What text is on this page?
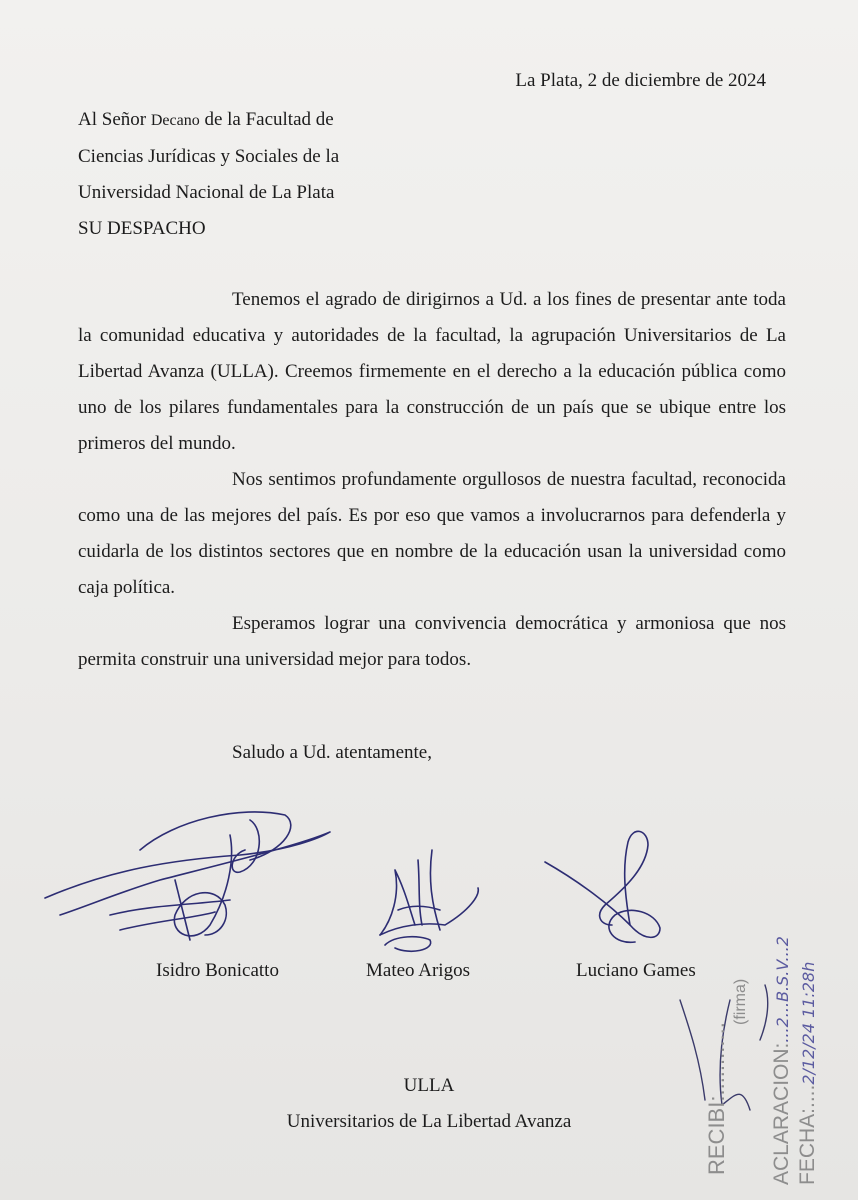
La Plata, 2 de diciembre de 2024
Al Señor Decano de la Facultad de
Ciencias Jurídicas y Sociales de la
Universidad Nacional de La Plata
SU DESPACHO

Tenemos el agrado de dirigirnos a Ud. a los fines de presentar ante toda la comunidad educativa y autoridades de la facultad, la agrupación Universitarios de La Libertad Avanza (ULLA). Creemos firmemente en el derecho a la educación pública como uno de los pilares fundamentales para la construcción de un país que se ubique entre los primeros del mundo.

Nos sentimos profundamente orgullosos de nuestra facultad, reconocida como una de las mejores del país. Es por eso que vamos a involucrarnos para defenderla y cuidarla de los distintos sectores que en nombre de la educación usan la universidad como caja política.

Esperamos lograr una convivencia democrática y armoniosa que nos permita construir una universidad mejor para todos.

Saludo a Ud. atentamente,
Isidro Bonicatto	Mateo Arigos	Luciano Games
ULLA
Universitarios de La Libertad Avanza	RECIBI:............
(firma)
ACLARACION:...2...B.S.V...2
FECHA:....2/12/24 11:28h
